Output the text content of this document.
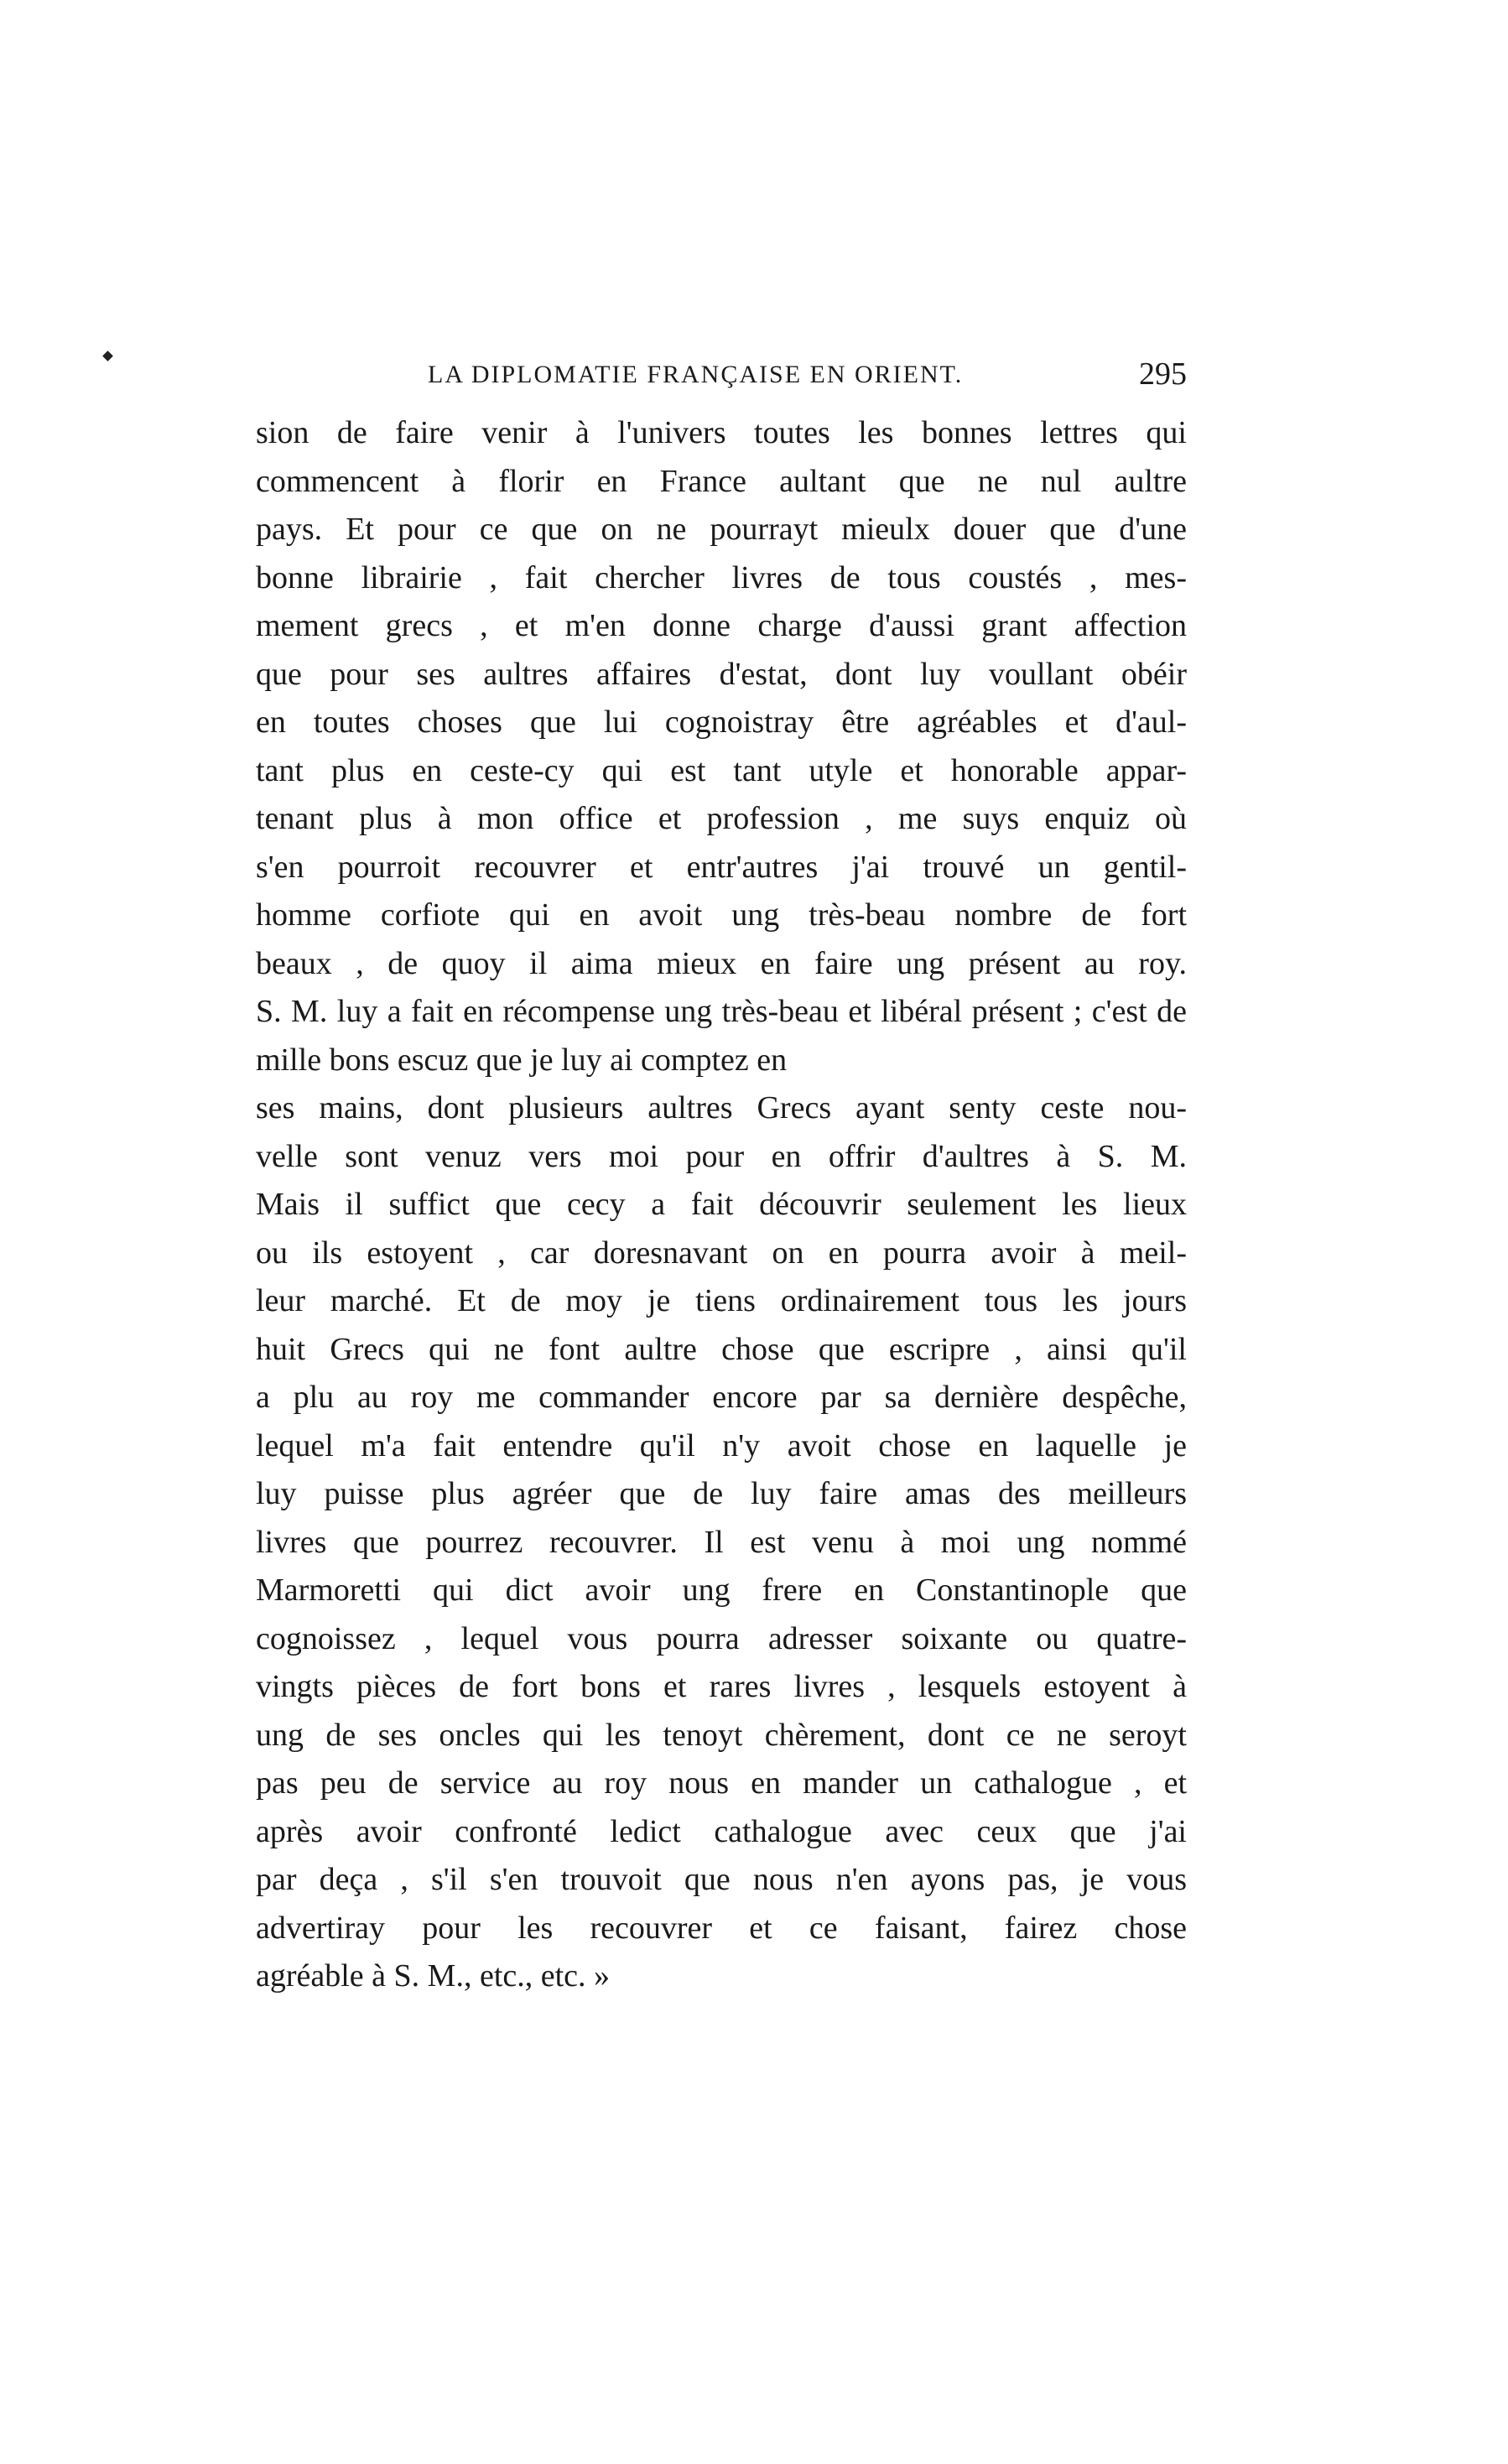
LA DIPLOMATIE FRANÇAISE EN ORIENT.	295
sion de faire venir à l'univers toutes les bonnes lettres qui
commencent à florir en France aultant que ne nul aultre
pays. Et pour ce que on ne pourrayt mieulx douer que d'une
bonne librairie , fait chercher livres de tous coustés , mes-
mement grecs , et m'en donne charge d'aussi grant affection
que pour ses aultres affaires d'estat, dont luy voullant obéir
en toutes choses que lui cognoistray être agréables et d'aul-
tant plus en ceste-cy qui est tant utyle et honorable appar-
tenant plus à mon office et profession , me suys enquiz où
s'en pourroit recouvrer et entr'autres j'ai trouvé un gentil-
homme corfiote qui en avoit ung très-beau nombre de fort
beaux , de quoy il aima mieux en faire ung présent au roy.
S. M. luy a fait en récompense ung très-beau et libéral présent ; c'est de mille bons escuz que je luy ai comptez en
ses mains, dont plusieurs aultres Grecs ayant senty ceste nou-
velle sont venuz vers moi pour en offrir d'aultres à S. M.
Mais il suffict que cecy a fait découvrir seulement les lieux
ou ils estoyent , car doresnavant on en pourra avoir à meil-
leur marché. Et de moy je tiens ordinairement tous les jours
huit Grecs qui ne font aultre chose que escripre , ainsi qu'il
a plu au roy me commander encore par sa dernière despêche,
lequel m'a fait entendre qu'il n'y avoit chose en laquelle je
luy puisse plus agréer que de luy faire amas des meilleurs
livres que pourrez recouvrer. Il est venu à moi ung nommé
Marmoretti qui dict avoir ung frere en Constantinople que
cognoissez , lequel vous pourra adresser soixante ou quatre-
vingts pièces de fort bons et rares livres , lesquels estoyent à
ung de ses oncles qui les tenoyt chèrement, dont ce ne seroyt
pas peu de service au roy nous en mander un cathalogue , et
après avoir confronté ledict cathalogue avec ceux que j'ai
par deça , s'il s'en trouvoit que nous n'en ayons pas, je vous
advertiray pour les recouvrer et ce faisant, fairez chose
agréable à S. M., etc., etc. »
